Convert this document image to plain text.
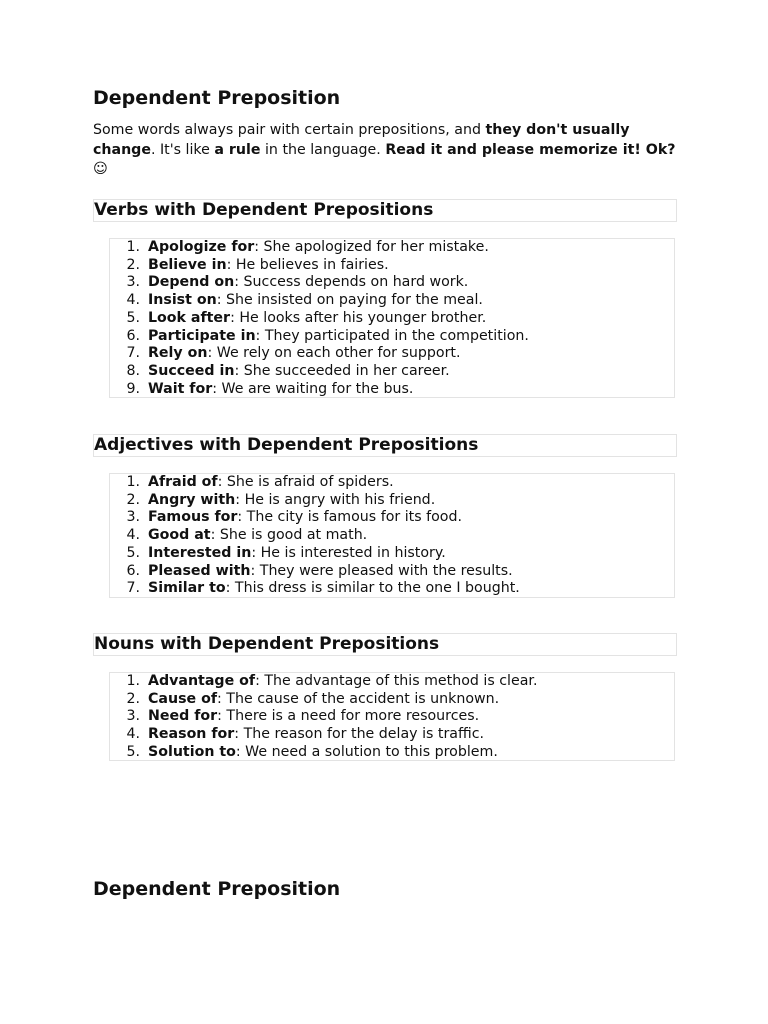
Dependent Preposition

Some words always pair with certain prepositions, and they don't usually change. It's like a rule in the language. Read it and please memorize it! Ok?☺

Verbs with Dependent Prepositions
1. Apologize for : She apologized for her mistake.
2. Believe in : He believes in fairies.
3. Depend on : Success depends on hard work.
4. Insist on : She insisted on paying for the meal.
5. Look after : He looks after his younger brother.
6. Participate in : They participated in the competition.
7. Rely on : We rely on each other for support.
8. Succeed in : She succeeded in her career.
9. Wait for : We are waiting for the bus.
Adjectives with Dependent Prepositions
1. Afraid of : She is afraid of spiders.
2. Angry with : He is angry with his friend.
3. Famous for : The city is famous for its food.
4. Good at : She is good at math.
5. Interested in : He is interested in history.
6. Pleased with : They were pleased with the results.
7. Similar to : This dress is similar to the one I bought.
Nouns with Dependent Prepositions
1. Advantage of : The advantage of this method is clear.
2. Cause of : The cause of the accident is unknown.
3. Need for : There is a need for more resources.
4. Reason for : The reason for the delay is traffic.
5. Solution to : We need a solution to this problem.
Dependent Preposition
